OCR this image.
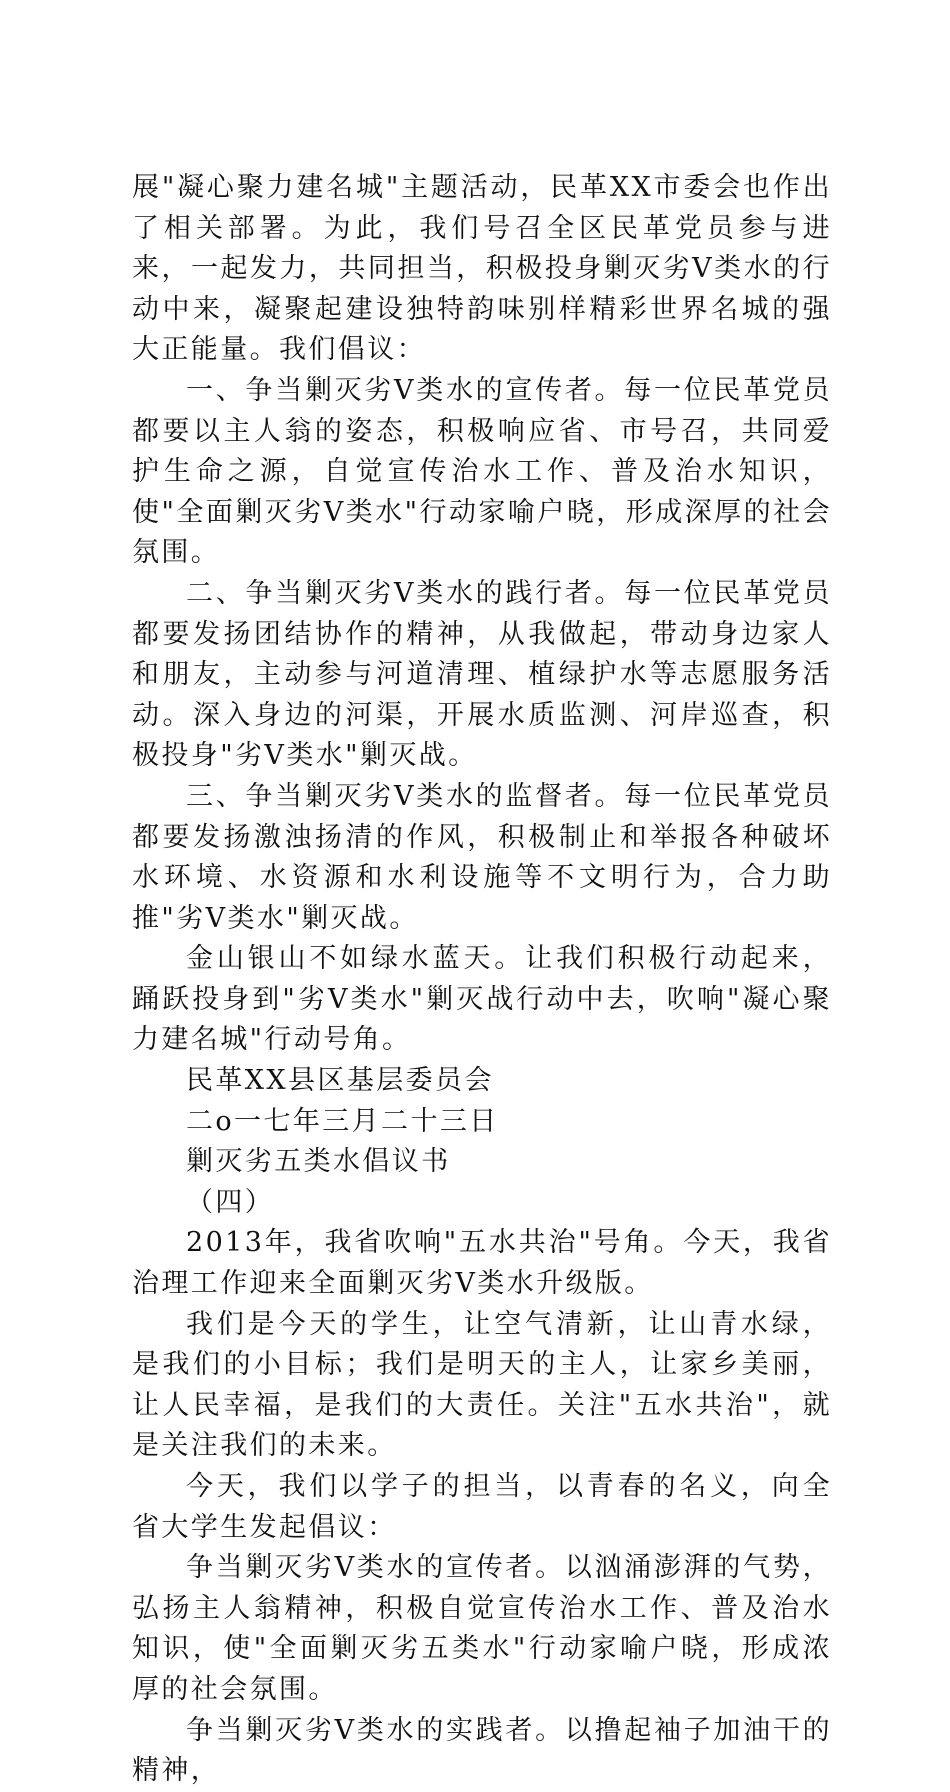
展"凝心聚力建名城"主题活动，民革XX市委会也作出了相关部署。为此，我们号召全区民革党员参与进来，一起发力，共同担当，积极投身剿灭劣Ⅴ类水的行动中来，凝聚起建设独特韵味别样精彩世界名城的强大正能量。我们倡议：

一、争当剿灭劣Ⅴ类水的宣传者。每一位民革党员都要以主人翁的姿态，积极响应省、市号召，共同爱护生命之源，自觉宣传治水工作、普及治水知识，使"全面剿灭劣Ⅴ类水"行动家喻户晓，形成深厚的社会氛围。

二、争当剿灭劣Ⅴ类水的践行者。每一位民革党员都要发扬团结协作的精神，从我做起，带动身边家人和朋友，主动参与河道清理、植绿护水等志愿服务活动。深入身边的河渠，开展水质监测、河岸巡查，积极投身"劣Ⅴ类水"剿灭战。

三、争当剿灭劣Ⅴ类水的监督者。每一位民革党员都要发扬激浊扬清的作风，积极制止和举报各种破坏水环境、水资源和水利设施等不文明行为，合力助推"劣Ⅴ类水"剿灭战。

金山银山不如绿水蓝天。让我们积极行动起来，踊跃投身到"劣Ⅴ类水"剿灭战行动中去，吹响"凝心聚力建名城"行动号角。

民革XX县区基层委员会

二o一七年三月二十三日

剿灭劣五类水倡议书

（四）

2013年，我省吹响"五水共治"号角。今天，我省治理工作迎来全面剿灭劣Ⅴ类水升级版。

我们是今天的学生，让空气清新，让山青水绿，是我们的小目标；我们是明天的主人，让家乡美丽，让人民幸福，是我们的大责任。关注"五水共治"，就是关注我们的未来。

今天，我们以学子的担当，以青春的名义，向全省大学生发起倡议：

争当剿灭劣Ⅴ类水的宣传者。以汹涌澎湃的气势，弘扬主人翁精神，积极自觉宣传治水工作、普及治水知识，使"全面剿灭劣五类水"行动家喻户晓，形成浓厚的社会氛围。

争当剿灭劣Ⅴ类水的实践者。以撸起袖子加油干的精神，
